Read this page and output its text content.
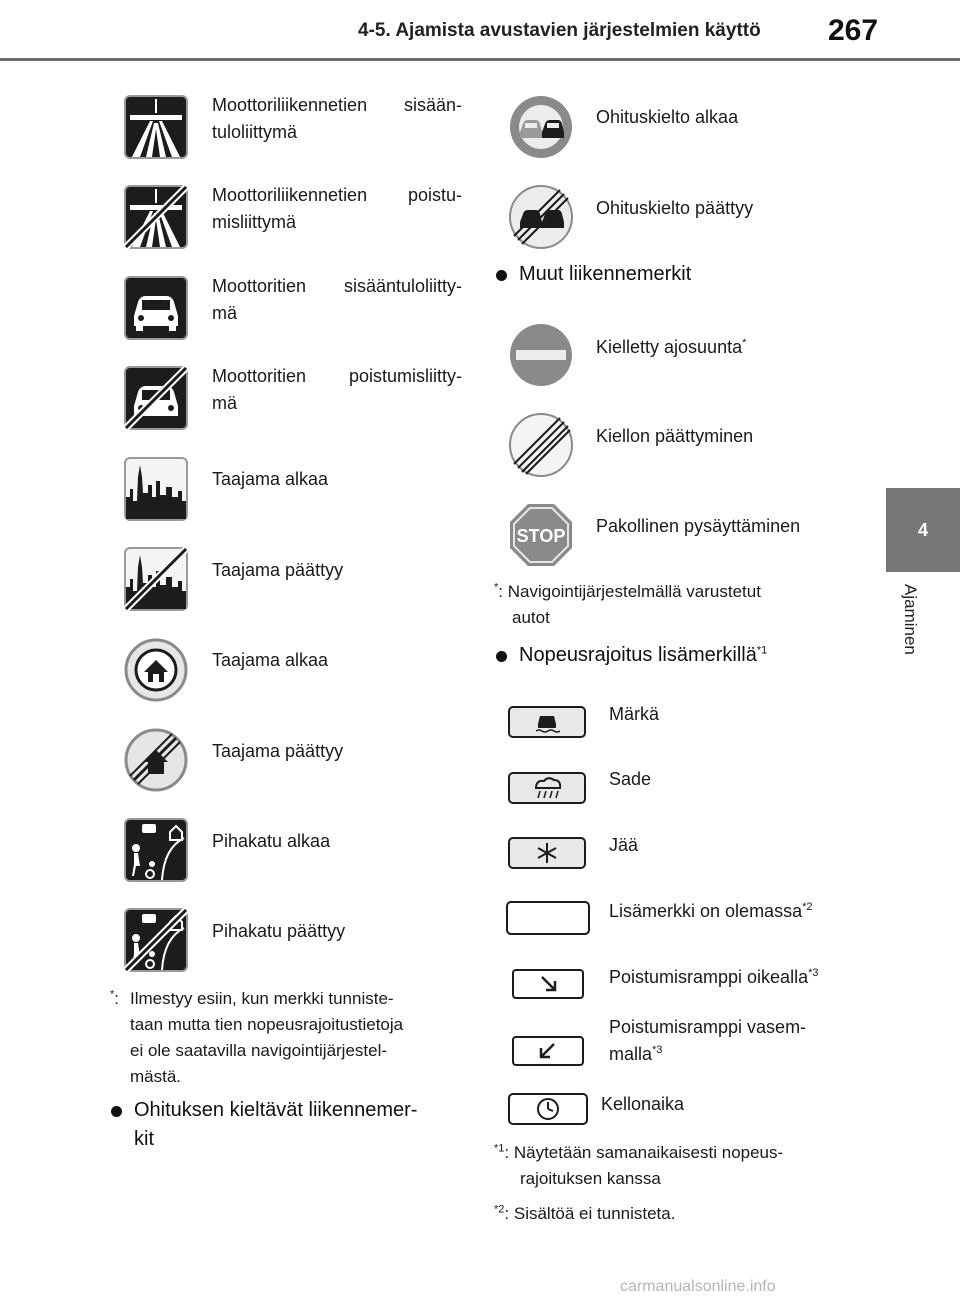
4-5. Ajamista avustavien järjestelmien käyttö 267
4
Ajaminen
Moottoriliikennetien sisään-
tuloliittymä
Moottoriliikennetien poistu-
misliittymä
Moottoritien sisääntuloliitty-
mä
Moottoritien poistumisliitty-
mä
Taajama alkaa
Taajama päättyy
Taajama alkaa
Taajama päättyy
Pihakatu alkaa
Pihakatu päättyy
*: Ilmestyy esiin, kun merkki tunniste-
taan mutta tien nopeusrajoitustietoja
ei ole saatavilla navigointijärjestel-
mästä.
Ohituksen kieltävät liikennemer-
kit
Ohituskielto alkaa
Ohituskielto päättyy
Muut liikennemerkit
Kielletty ajosuunta*
Kiellon päättyminen
STOP Pakollinen pysäyttäminen
*: Navigointijärjestelmällä varustetut
autot
Nopeusrajoitus lisämerkillä$^{*1}$
Märkä
Sade
Jää
Lisämerkki on olemassa$^{*2}$
Poistumisramppi oikealla$^{*3}$
Poistumisramppi vasem-
malla$^{*3}$
Kellonaika
$^{*1}$: Näytetään samanaikaisesti nopeus-
rajoituksen kanssa
$^{*2}$: Sisältöä ei tunnisteta.
carmanualsonline.info
